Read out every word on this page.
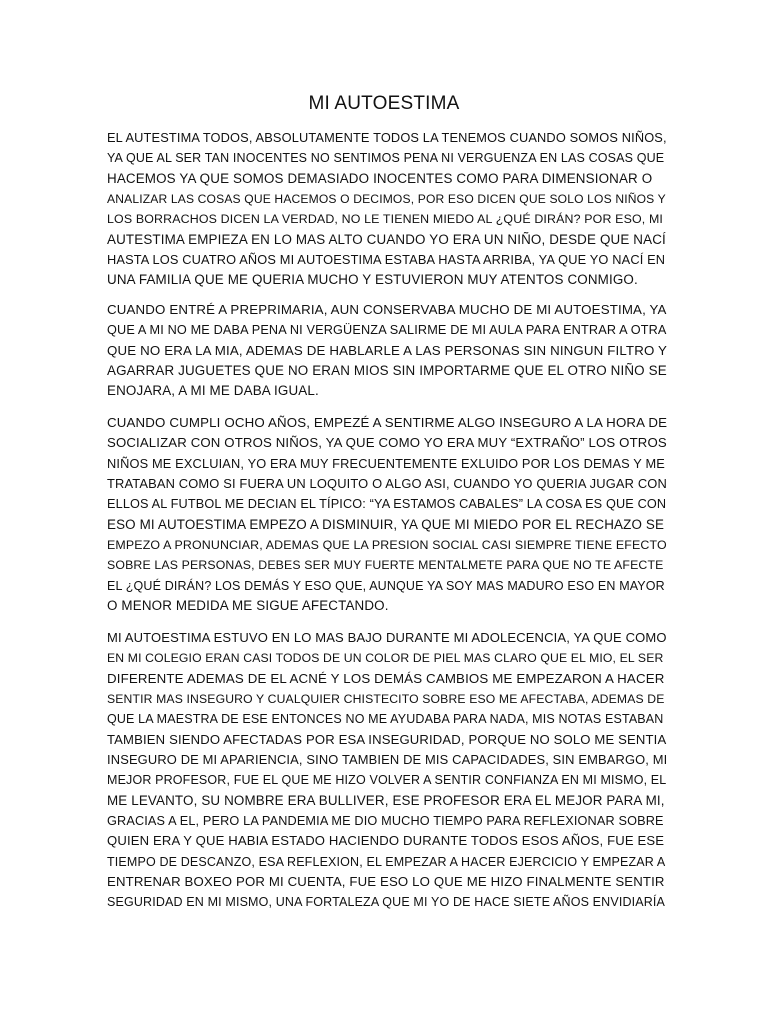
MI AUTOESTIMA
EL AUTESTIMA TODOS, ABSOLUTAMENTE TODOS LA TENEMOS CUANDO SOMOS NIÑOS,
YA QUE AL SER TAN INOCENTES NO SENTIMOS PENA NI VERGUENZA EN LAS COSAS QUE
HACEMOS YA QUE SOMOS DEMASIADO INOCENTES COMO PARA DIMENSIONAR O
ANALIZAR LAS COSAS QUE HACEMOS O DECIMOS, POR ESO DICEN QUE SOLO LOS NIÑOS Y
LOS BORRACHOS DICEN LA VERDAD, NO LE TIENEN MIEDO AL ¿QUÉ DIRÁN? POR ESO, MI
AUTESTIMA EMPIEZA EN LO MAS ALTO CUANDO YO ERA UN NIÑO, DESDE QUE NACÍ
HASTA LOS CUATRO AÑOS MI AUTOESTIMA ESTABA HASTA ARRIBA, YA QUE YO NACÍ EN
UNA FAMILIA QUE ME QUERIA MUCHO Y ESTUVIERON MUY ATENTOS CONMIGO.
CUANDO ENTRÉ A PREPRIMARIA, AUN CONSERVABA MUCHO DE MI AUTOESTIMA, YA
QUE A MI NO ME DABA PENA NI VERGÜENZA SALIRME DE MI AULA PARA ENTRAR A OTRA
QUE NO ERA LA MIA, ADEMAS DE HABLARLE A LAS PERSONAS SIN NINGUN FILTRO Y
AGARRAR JUGUETES QUE NO ERAN MIOS SIN IMPORTARME QUE EL OTRO NIÑO SE
ENOJARA, A MI ME DABA IGUAL.
CUANDO CUMPLI OCHO AÑOS, EMPEZÉ A SENTIRME ALGO INSEGURO A LA HORA DE
SOCIALIZAR CON OTROS NIÑOS, YA QUE COMO YO ERA MUY “EXTRAÑO” LOS OTROS
NIÑOS ME EXCLUIAN, YO ERA MUY FRECUENTEMENTE EXLUIDO POR LOS DEMAS Y ME
TRATABAN COMO SI FUERA UN LOQUITO O ALGO ASI, CUANDO YO QUERIA JUGAR CON
ELLOS AL FUTBOL ME DECIAN EL TÍPICO: “YA ESTAMOS CABALES” LA COSA ES QUE CON
ESO MI AUTOESTIMA EMPEZO A DISMINUIR, YA QUE MI MIEDO POR EL RECHAZO SE
EMPEZO A PRONUNCIAR, ADEMAS QUE LA PRESION SOCIAL CASI SIEMPRE TIENE EFECTO
SOBRE LAS PERSONAS, DEBES SER MUY FUERTE MENTALMETE PARA QUE NO TE AFECTE
EL ¿QUÉ DIRÁN? LOS DEMÁS Y ESO QUE, AUNQUE YA SOY MAS MADURO ESO EN MAYOR
O MENOR MEDIDA ME SIGUE AFECTANDO.
MI AUTOESTIMA ESTUVO EN LO MAS BAJO DURANTE MI ADOLECENCIA, YA QUE COMO
EN MI COLEGIO ERAN CASI TODOS DE UN COLOR DE PIEL MAS CLARO QUE EL MIO, EL SER
DIFERENTE ADEMAS DE EL ACNÉ Y LOS DEMÁS CAMBIOS ME EMPEZARON A HACER
SENTIR MAS INSEGURO Y CUALQUIER CHISTECITO SOBRE ESO ME AFECTABA, ADEMAS DE
QUE LA MAESTRA DE ESE ENTONCES NO ME AYUDABA PARA NADA, MIS NOTAS ESTABAN
TAMBIEN SIENDO AFECTADAS POR ESA INSEGURIDAD, PORQUE NO SOLO ME SENTIA
INSEGURO DE MI APARIENCIA, SINO TAMBIEN DE MIS CAPACIDADES, SIN EMBARGO, MI
MEJOR PROFESOR, FUE EL QUE ME HIZO VOLVER A SENTIR CONFIANZA EN MI MISMO, EL
ME LEVANTO, SU NOMBRE ERA BULLIVER, ESE PROFESOR ERA EL MEJOR PARA MI,
GRACIAS A EL, PERO LA PANDEMIA ME DIO MUCHO TIEMPO PARA REFLEXIONAR SOBRE
QUIEN ERA Y QUE HABIA ESTADO HACIENDO DURANTE TODOS ESOS AÑOS, FUE ESE
TIEMPO DE DESCANZO, ESA REFLEXION, EL EMPEZAR A HACER EJERCICIO Y EMPEZAR A
ENTRENAR BOXEO POR MI CUENTA, FUE ESO LO QUE ME HIZO FINALMENTE SENTIR
SEGURIDAD EN MI MISMO, UNA FORTALEZA QUE MI YO DE HACE SIETE AÑOS ENVIDIARÍA
